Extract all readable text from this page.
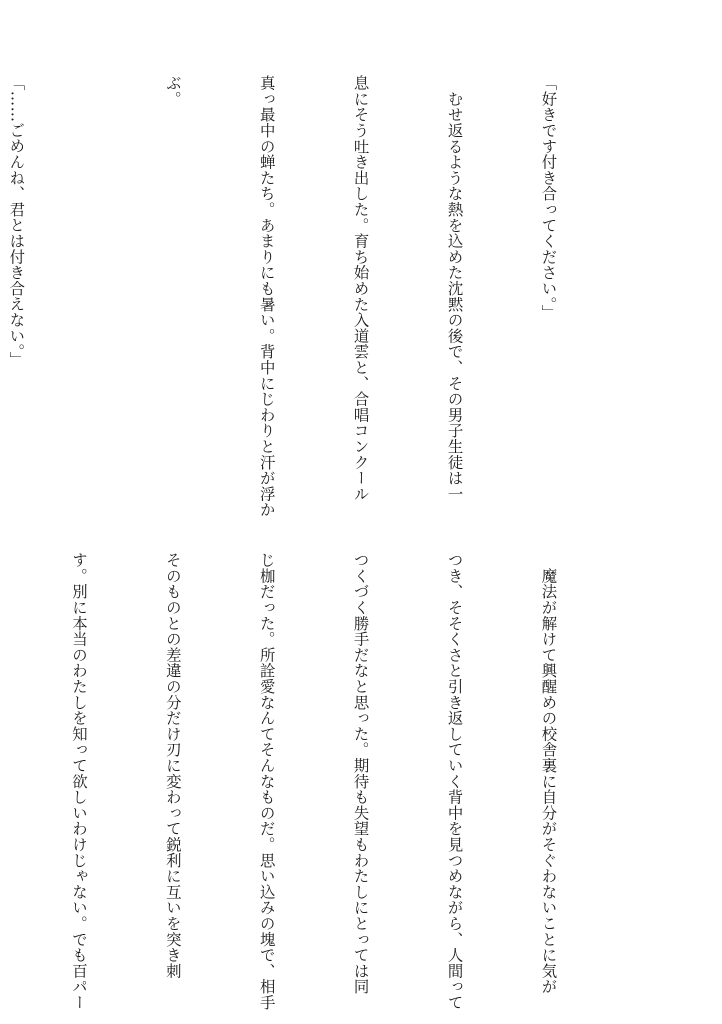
「好きです付き合ってください。」

　むせ返るような熱を込めた沈黙の後で、その男子生徒は一

息にそう吐き出した。育ち始めた入道雲と、合唱コンクール

真っ最中の蝉たち。あまりにも暑い。背中にじわりと汗が浮か

ぶ。

「……ごめんね、君とは付き合えない。」

　魔法が解けて興醒めの校舎裏に自分がそぐわないことに気が

つき、そそくさと引き返していく背中を見つめながら、人間って

つくづく勝手だなと思った。期待も失望もわたしにとっては同

じ枷だった。所詮愛なんてそんなものだ。思い込みの塊で、相手

そのものとの差違の分だけ刃に変わって鋭利に互いを突き刺

す。別に本当のわたしを知って欲しいわけじゃない。でも百パー
